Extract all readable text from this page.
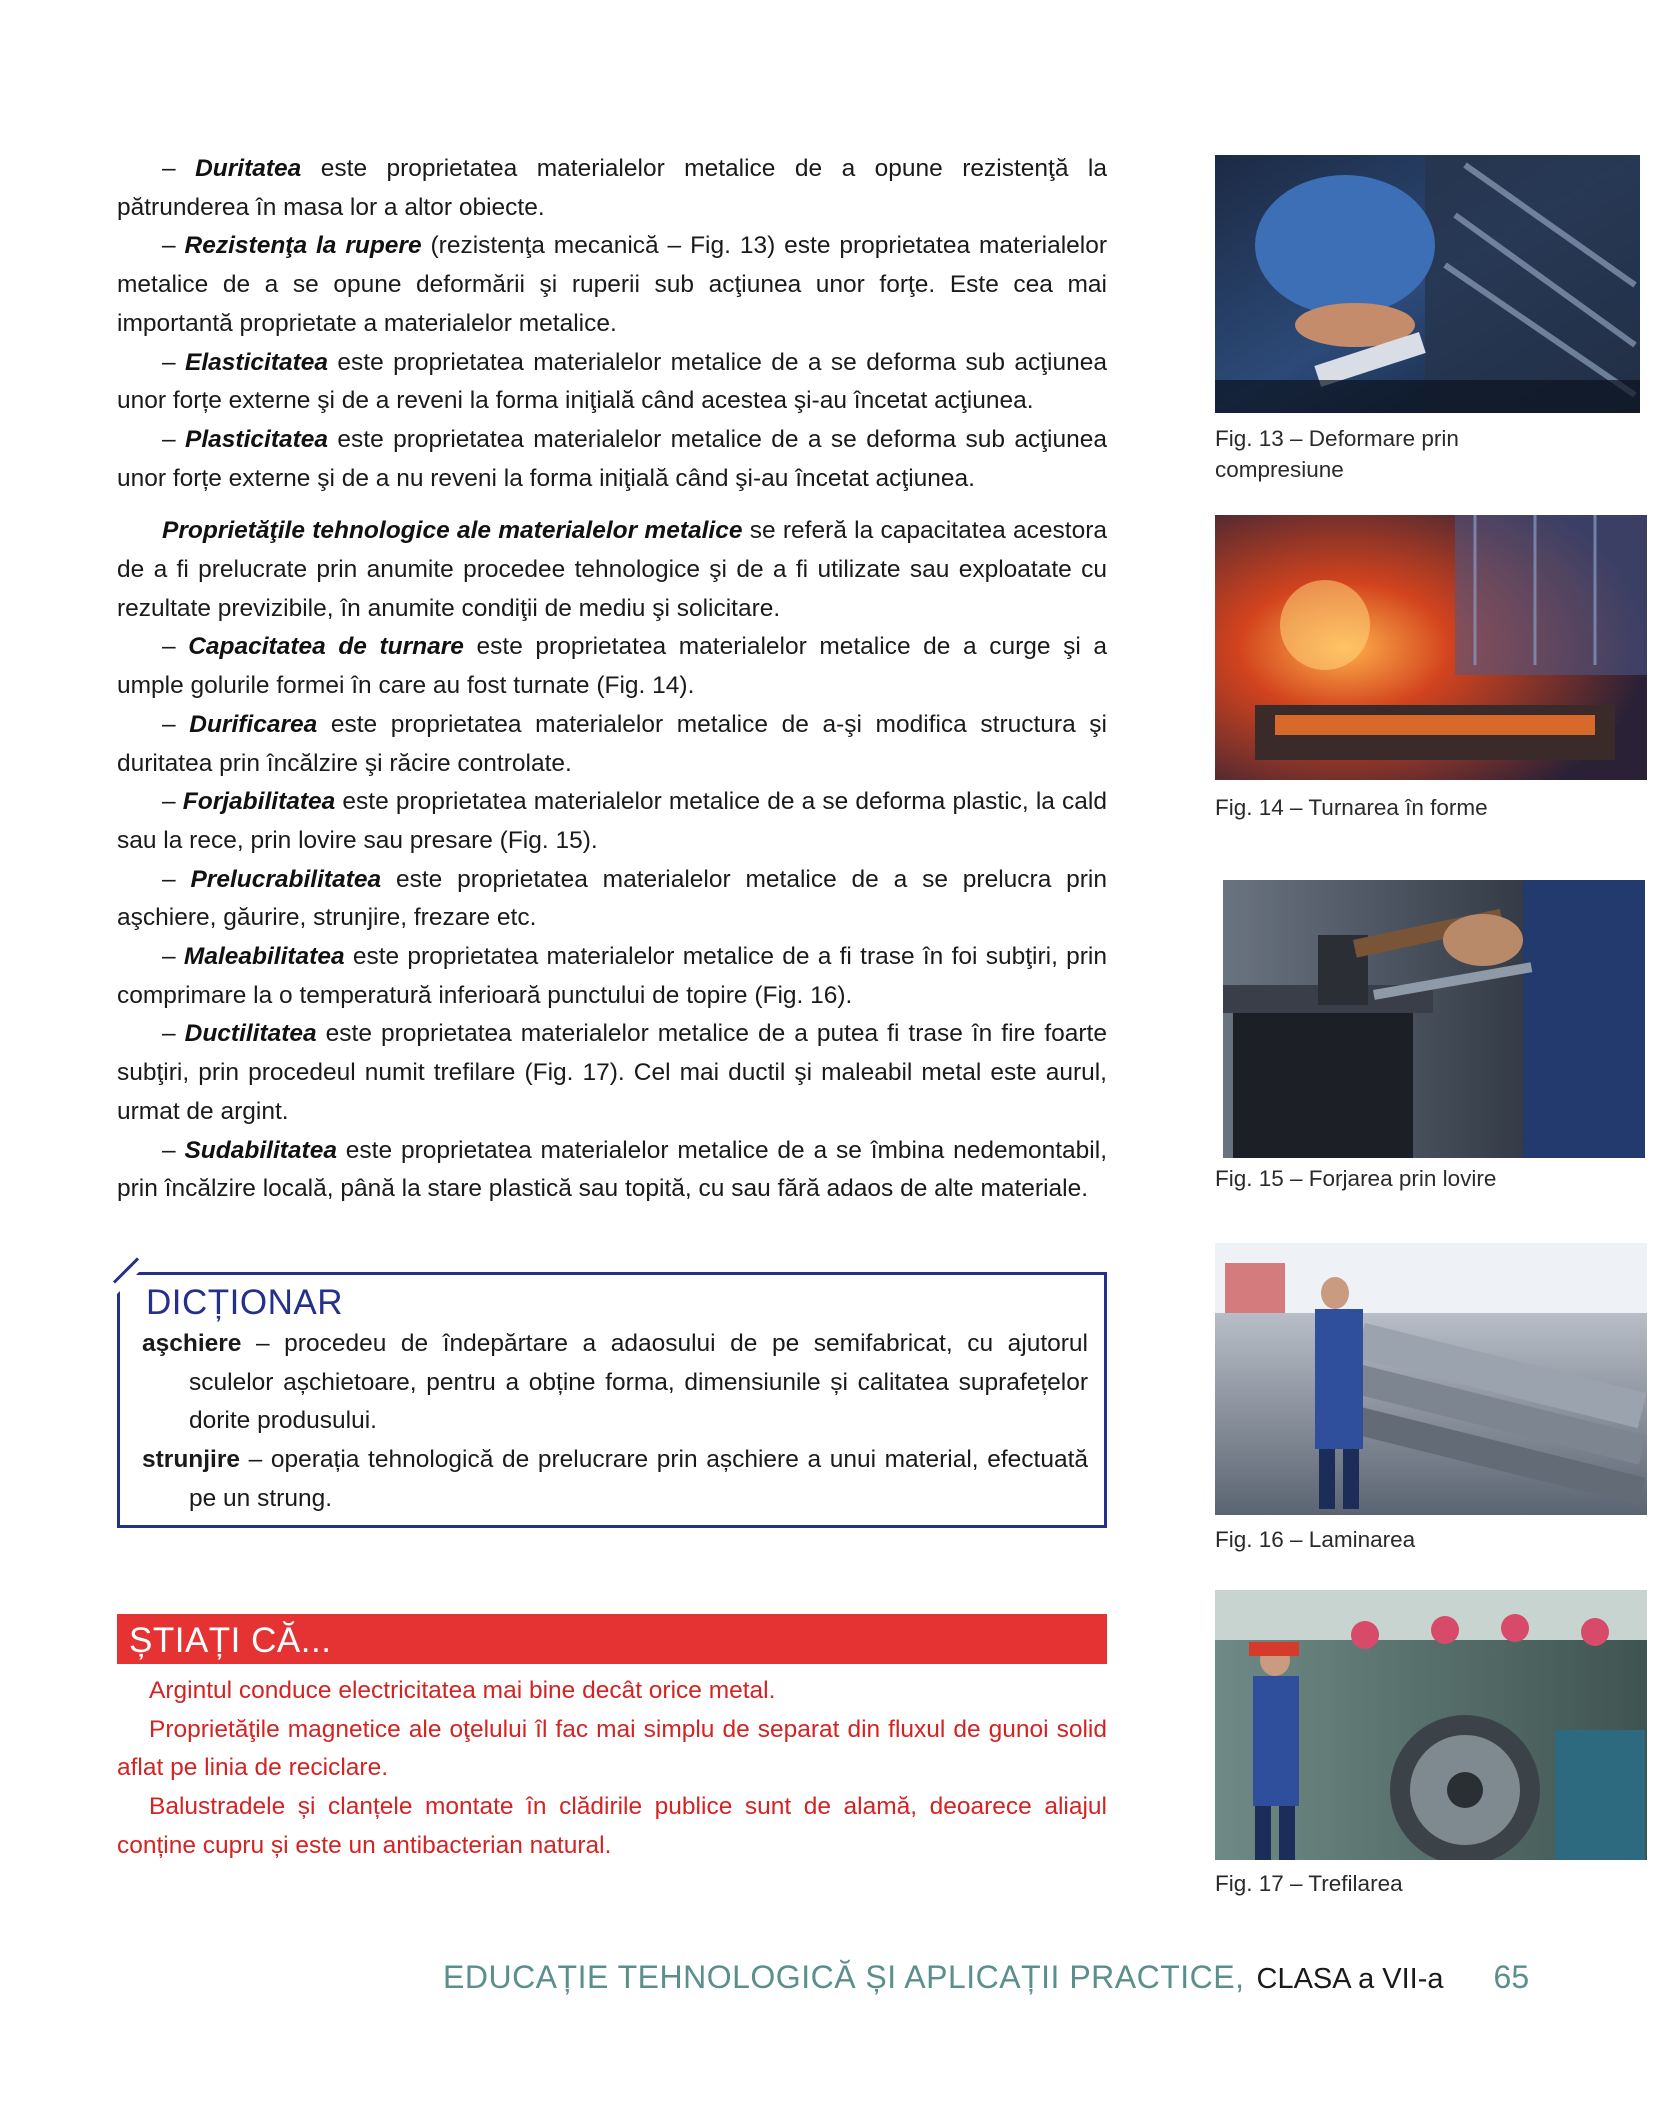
– Duritatea este proprietatea materialelor metalice de a opune rezistenţă la pătrunderea în masa lor a altor obiecte.

– Rezistenţa la rupere (rezistenţa mecanică – Fig. 13) este proprietatea materialelor metalice de a se opune deformării şi ruperii sub acţiunea unor forţe. Este cea mai importantă proprietate a materialelor metalice.

– Elasticitatea este proprietatea materialelor metalice de a se deforma sub acţiunea unor forțe externe şi de a reveni la forma iniţială când acestea şi-au încetat acţiunea.

– Plasticitatea este proprietatea materialelor metalice de a se deforma sub acţiunea unor forțe externe şi de a nu reveni la forma iniţială când şi-au încetat acţiunea.

Proprietăţile tehnologice ale materialelor metalice se referă la capacitatea acestora de a fi prelucrate prin anumite procedee tehnologice şi de a fi utilizate sau exploatate cu rezultate previzibile, în anumite condiţii de mediu şi solicitare.

– Capacitatea de turnare este proprietatea materialelor metalice de a curge şi a umple golurile formei în care au fost turnate (Fig. 14).

– Durificarea este proprietatea materialelor metalice de a-şi modifica structura şi duritatea prin încălzire şi răcire controlate.

– Forjabilitatea este proprietatea materialelor metalice de a se deforma plastic, la cald sau la rece, prin lovire sau presare (Fig. 15).

– Prelucrabilitatea este proprietatea materialelor metalice de a se prelucra prin aşchiere, găurire, strunjire, frezare etc.

– Maleabilitatea este proprietatea materialelor metalice de a fi trase în foi subţiri, prin comprimare la o temperatură inferioară punctului de topire (Fig. 16).

– Ductilitatea este proprietatea materialelor metalice de a putea fi trase în fire foarte subţiri, prin procedeul numit trefilare (Fig. 17). Cel mai ductil şi maleabil metal este aurul, urmat de argint.

– Sudabilitatea este proprietatea materialelor metalice de a se îmbina nedemontabil, prin încălzire locală, până la stare plastică sau topită, cu sau fără adaos de alte materiale.

DICȚIONAR

aşchiere – procedeu de îndepărtare a adaosului de pe semifabricat, cu ajutorul sculelor așchietoare, pentru a obține forma, dimensiunile și calitatea suprafețelor dorite produsului.

strunjire – operația tehnologică de prelucrare prin așchiere a unui material, efectuată pe un strung.

ȘTIAȚI CĂ...

Argintul conduce electricitatea mai bine decât orice metal.

Proprietăţile magnetice ale oţelului îl fac mai simplu de separat din fluxul de gunoi solid aflat pe linia de reciclare.

Balustradele și clanțele montate în clădirile publice sunt de alamă, deoarece aliajul conține cupru și este un antibacterian natural.

Fig. 13 – Deformare prin
compresiune
Fig. 14 – Turnarea în forme
Fig. 15 – Forjarea prin lovire
Fig. 16 – Laminarea
Fig. 17 – Trefilarea
EDUCAȚIE TEHNOLOGICĂ ȘI APLICAȚII PRACTICE, CLASA a VII-a 65
